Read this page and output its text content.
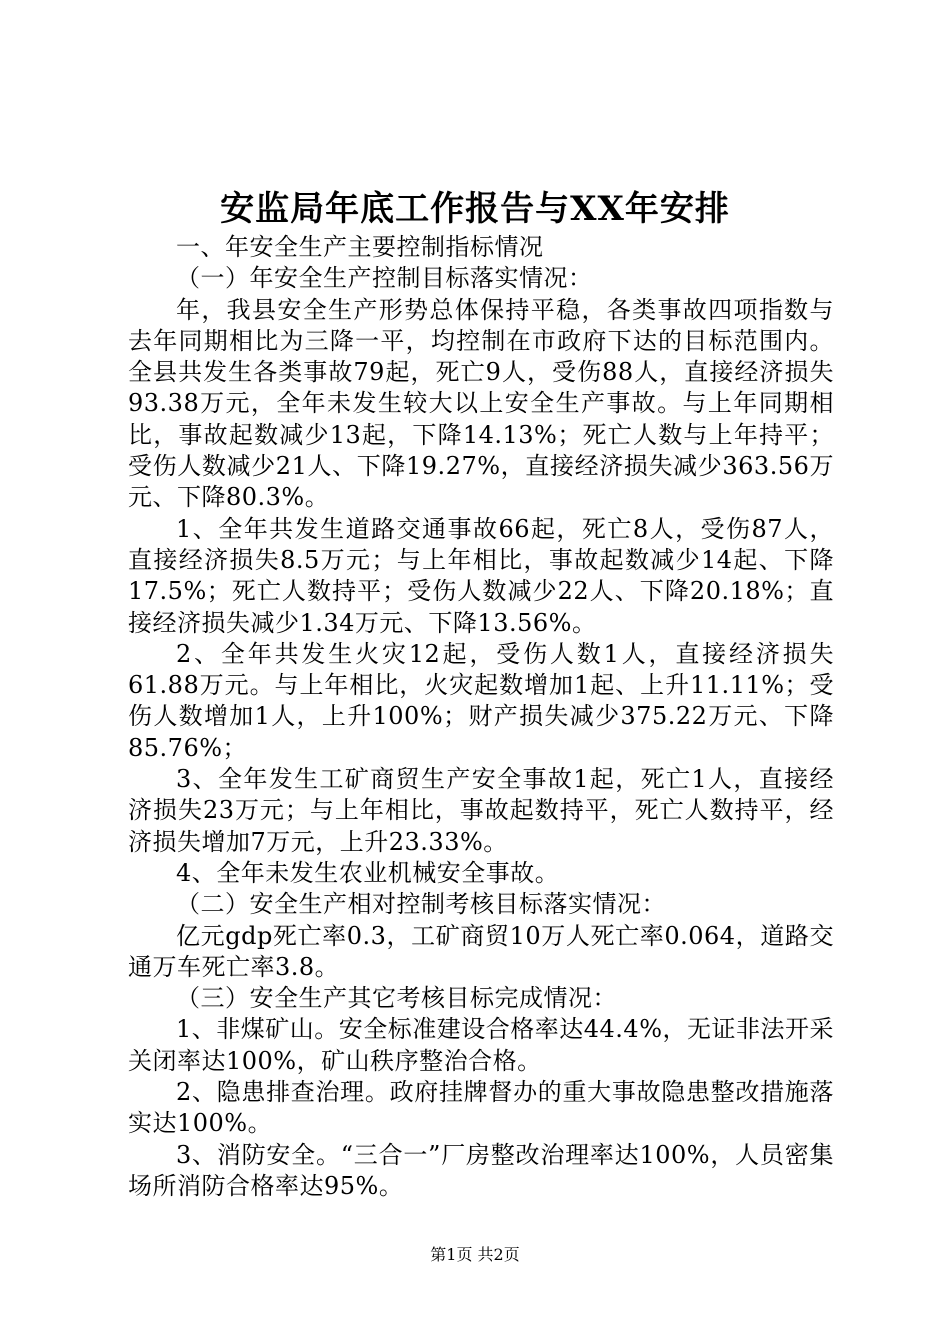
安监局年底工作报告与XX年安排

一、年安全生产主要控制指标情况

（一）年安全生产控制目标落实情况：

年，我县安全生产形势总体保持平稳，各类事故四项指数与去年同期相比为三降一平，均控制在市政府下达的目标范围内。全县共发生各类事故79起，死亡9人，受伤88人，直接经济损失93.38万元，全年未发生较大以上安全生产事故。与上年同期相比，事故起数减少13起，下降14.13%；死亡人数与上年持平；受伤人数减少21人、下降19.27%，直接经济损失减少363.56万元、下降80.3%。

1、全年共发生道路交通事故66起，死亡8人，受伤87人，直接经济损失8.5万元；与上年相比，事故起数减少14起、下降17.5%；死亡人数持平；受伤人数减少22人、下降20.18%；直接经济损失减少1.34万元、下降13.56%。

2、全年共发生火灾12起，受伤人数1人，直接经济损失61.88万元。与上年相比，火灾起数增加1起、上升11.11%；受伤人数增加1人，上升100%；财产损失减少375.22万元、下降85.76%；

3、全年发生工矿商贸生产安全事故1起，死亡1人，直接经济损失23万元；与上年相比，事故起数持平，死亡人数持平，经济损失增加7万元，上升23.33%。

4、全年未发生农业机械安全事故。

（二）安全生产相对控制考核目标落实情况：

亿元gdp死亡率0.3，工矿商贸10万人死亡率0.064，道路交通万车死亡率3.8。

（三）安全生产其它考核目标完成情况：

1、非煤矿山。安全标准建设合格率达44.4%，无证非法开采关闭率达100%，矿山秩序整治合格。

2、隐患排查治理。政府挂牌督办的重大事故隐患整改措施落实达100%。

3、消防安全。“三合一”厂房整改治理率达100%，人员密集场所消防合格率达95%。

第1页 共2页
